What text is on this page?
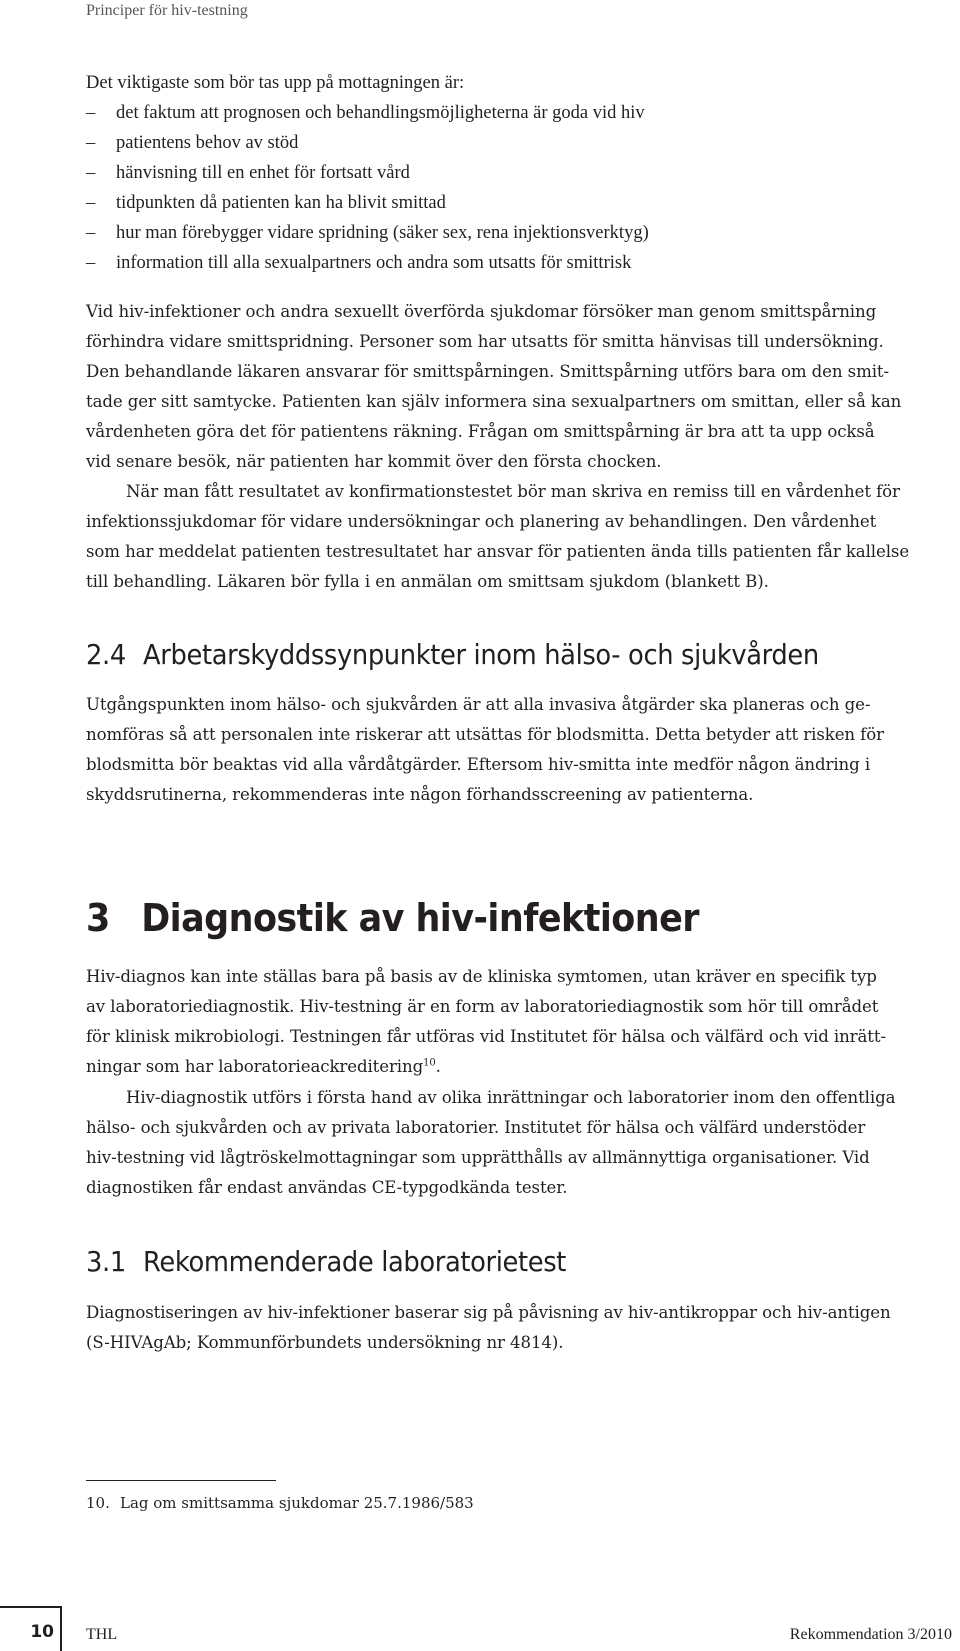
Principer för hiv-testning
Det viktigaste som bör tas upp på mottagningen är:
–	det faktum att prognosen och behandlingsmöjligheterna är goda vid hiv
–	patientens behov av stöd
–	hänvisning till en enhet för fortsatt vård
–	tidpunkten då patienten kan ha blivit smittad
–	hur man förebygger vidare spridning (säker sex, rena injektionsverktyg)
–	information till alla sexualpartners och andra som utsatts för smittrisk
Vid hiv-infektioner och andra sexuellt överförda sjukdomar försöker man genom smittspårning
förhindra vidare smittspridning. Personer som har utsatts för smitta hänvisas till undersökning.
Den behandlande läkaren ansvarar för smittspårningen. Smittspårning utförs bara om den smit-
tade ger sitt samtycke. Patienten kan själv informera sina sexualpartners om smittan, eller så kan
vårdenheten göra det för patientens räkning. Frågan om smittspårning är bra att ta upp också
vid senare besök, när patienten har kommit över den första chocken.
När man fått resultatet av konfirmationstestet bör man skriva en remiss till en vårdenhet för
infektionssjukdomar för vidare undersökningar och planering av behandlingen. Den vårdenhet
som har meddelat patienten testresultatet har ansvar för patienten ända tills patienten får kallelse
till behandling. Läkaren bör fylla i en anmälan om smittsam sjukdom (blankett B).
2.4 Arbetarskyddssynpunkter inom hälso- och sjukvården
Utgångspunkten inom hälso- och sjukvården är att alla invasiva åtgärder ska planeras och ge-
nomföras så att personalen inte riskerar att utsättas för blodsmitta. Detta betyder att risken för
blodsmitta bör beaktas vid alla vårdåtgärder. Eftersom hiv-smitta inte medför någon ändring i
skyddsrutinerna, rekommenderas inte någon förhandsscreening av patienterna.
3 Diagnostik av hiv-infektioner
Hiv-diagnos kan inte ställas bara på basis av de kliniska symtomen, utan kräver en specifik typ
av laboratoriediagnostik. Hiv-testning är en form av laboratoriediagnostik som hör till området
för klinisk mikrobiologi. Testningen får utföras vid Institutet för hälsa och välfärd och vid inrätt-
ningar som har laboratorieackreditering$^{10}$.
Hiv-diagnostik utförs i första hand av olika inrättningar och laboratorier inom den offentliga
hälso- och sjukvården och av privata laboratorier. Institutet för hälsa och välfärd understöder
hiv-testning vid lågtröskelmottagningar som upprätthålls av allmännyttiga organisationer. Vid
diagnostiken får endast användas CE-typgodkända tester.
3.1 Rekommenderade laboratorietest
Diagnostiseringen av hiv-infektioner baserar sig på påvisning av hiv-antikroppar och hiv-antigen
(S-HIVAgAb; Kommunförbundets undersökning nr 4814).
10. Lag om smittsamma sjukdomar 25.7.1986/583
10 THL	Rekommendation 3/2010
